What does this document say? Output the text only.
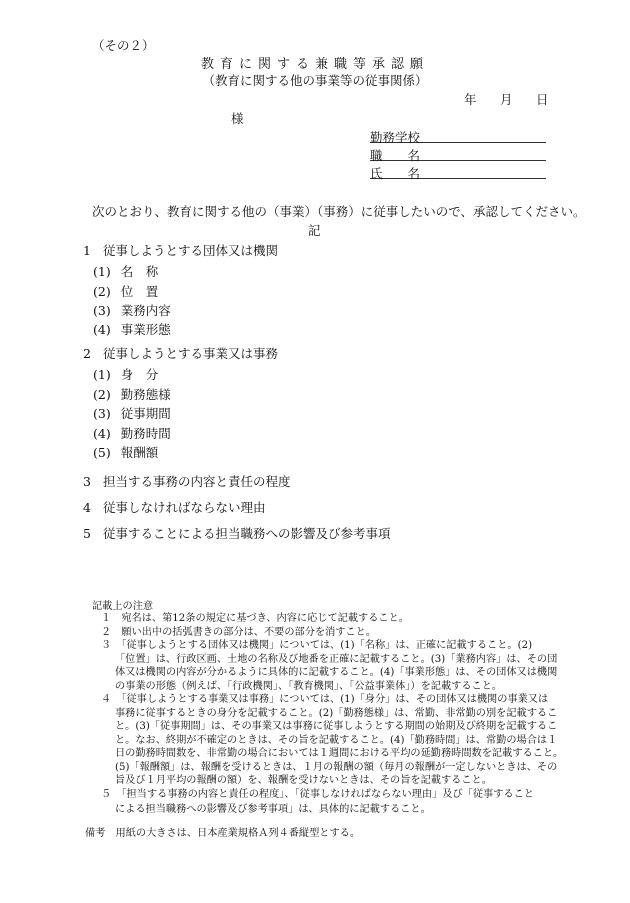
（その２）
教育に関する兼職等承認願
（教育に関する他の事業等の従事関係）
年 月 日
様
勤務学校
職　　名
氏　　名
次のとおり、教育に関する他の（事業）（事務）に従事したいので、承認してください。
記
1 従事しようとする団体又は機関
(1) 名　称
(2) 位　置
(3) 業務内容
(4) 事業形態
2 従事しようとする事業又は事務
(1) 身　分
(2) 勤務態様
(3) 従事期間
(4) 勤務時間
(5) 報酬額
3 担当する事務の内容と責任の程度
4 従事しなければならない理由
5 従事することによる担当職務への影響及び参考事項
記載上の注意
１　宛名は、第12条の規定に基づき、内容に応じて記載すること。
２　願い出中の括弧書きの部分は、不要の部分を消すこと。
３　「従事しようとする団体又は機関」については、(1)「名称」は、正確に記載すること。(2)
「位置」は、行政区画、土地の名称及び地番を正確に記載すること。(3)「業務内容」は、その団
体又は機関の内容が分かるように具体的に記載すること。(4)「事業形態」は、その団体又は機関
の事業の形態（例えば、「行政機関」、「教育機関」、「公益事業体」）を記載すること。
４　「従事しようとする事業又は事務」については、(1)「身分」は、その団体又は機関の事業又は
事務に従事するときの身分を記載すること。(2)「勤務態様」は、常勤、非常勤の別を記載するこ
と。(3)「従事期間」は、その事業又は事務に従事しようとする期間の始期及び終期を記載するこ
と。なお、終期が不確定のときは、その旨を記載すること。(4)「勤務時間」は、常勤の場合は１
日の勤務時間数を、非常勤の場合においては１週間における平均の延勤務時間数を記載すること。
(5)「報酬額」は、報酬を受けるときは、１月の報酬の額（毎月の報酬が一定しないときは、その
旨及び１月平均の報酬の額）を、報酬を受けないときは、その旨を記載すること。
５　「担当する事務の内容と責任の程度」、「従事しなければならない理由」及び「従事すること
による担当職務への影響及び参考事項」は、具体的に記載すること。
備考　用紙の大きさは、日本産業規格Ａ列４番縦型とする。
